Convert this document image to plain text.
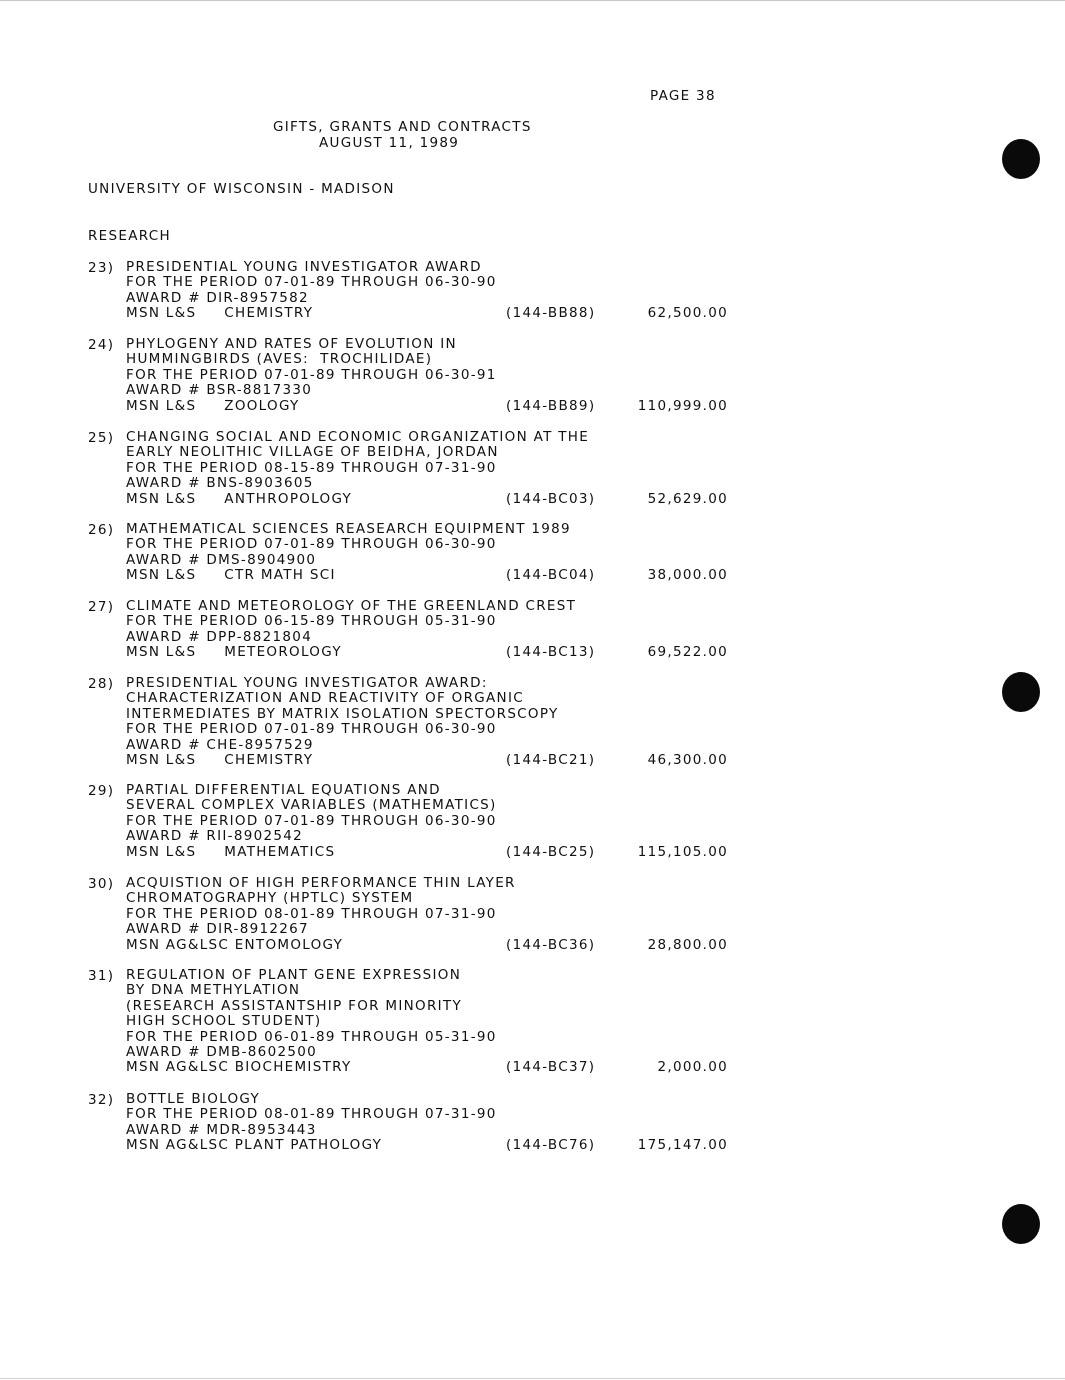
PAGE 38
GIFTS, GRANTS AND CONTRACTS
AUGUST 11, 1989
UNIVERSITY OF WISCONSIN - MADISON
RESEARCH
23) PRESIDENTIAL YOUNG INVESTIGATOR AWARD
FOR THE PERIOD 07-01-89 THROUGH 06-30-90
AWARD # DIR-8957582
MSN L&S     CHEMISTRY	(144-BB88)	62,500.00
24) PHYLOGENY AND RATES OF EVOLUTION IN
HUMMINGBIRDS (AVES:  TROCHILIDAE)
FOR THE PERIOD 07-01-89 THROUGH 06-30-91
AWARD # BSR-8817330
MSN L&S     ZOOLOGY	(144-BB89)	110,999.00
25) CHANGING SOCIAL AND ECONOMIC ORGANIZATION AT THE
EARLY NEOLITHIC VILLAGE OF BEIDHA, JORDAN
FOR THE PERIOD 08-15-89 THROUGH 07-31-90
AWARD # BNS-8903605
MSN L&S     ANTHROPOLOGY	(144-BC03)	52,629.00
26) MATHEMATICAL SCIENCES REASEARCH EQUIPMENT 1989
FOR THE PERIOD 07-01-89 THROUGH 06-30-90
AWARD # DMS-8904900
MSN L&S     CTR MATH SCI	(144-BC04)	38,000.00
27) CLIMATE AND METEOROLOGY OF THE GREENLAND CREST
FOR THE PERIOD 06-15-89 THROUGH 05-31-90
AWARD # DPP-8821804
MSN L&S     METEOROLOGY	(144-BC13)	69,522.00
28) PRESIDENTIAL YOUNG INVESTIGATOR AWARD:
CHARACTERIZATION AND REACTIVITY OF ORGANIC
INTERMEDIATES BY MATRIX ISOLATION SPECTORSCOPY
FOR THE PERIOD 07-01-89 THROUGH 06-30-90
AWARD # CHE-8957529
MSN L&S     CHEMISTRY	(144-BC21)	46,300.00
29) PARTIAL DIFFERENTIAL EQUATIONS AND
SEVERAL COMPLEX VARIABLES (MATHEMATICS)
FOR THE PERIOD 07-01-89 THROUGH 06-30-90
AWARD # RII-8902542
MSN L&S     MATHEMATICS	(144-BC25)	115,105.00
30) ACQUISTION OF HIGH PERFORMANCE THIN LAYER
CHROMATOGRAPHY (HPTLC) SYSTEM
FOR THE PERIOD 08-01-89 THROUGH 07-31-90
AWARD # DIR-8912267
MSN AG&LSC ENTOMOLOGY	(144-BC36)	28,800.00
31) REGULATION OF PLANT GENE EXPRESSION
BY DNA METHYLATION
(RESEARCH ASSISTANTSHIP FOR MINORITY
HIGH SCHOOL STUDENT)
FOR THE PERIOD 06-01-89 THROUGH 05-31-90
AWARD # DMB-8602500
MSN AG&LSC BIOCHEMISTRY	(144-BC37)	2,000.00
32) BOTTLE BIOLOGY
FOR THE PERIOD 08-01-89 THROUGH 07-31-90
AWARD # MDR-8953443
MSN AG&LSC PLANT PATHOLOGY	(144-BC76)	175,147.00
